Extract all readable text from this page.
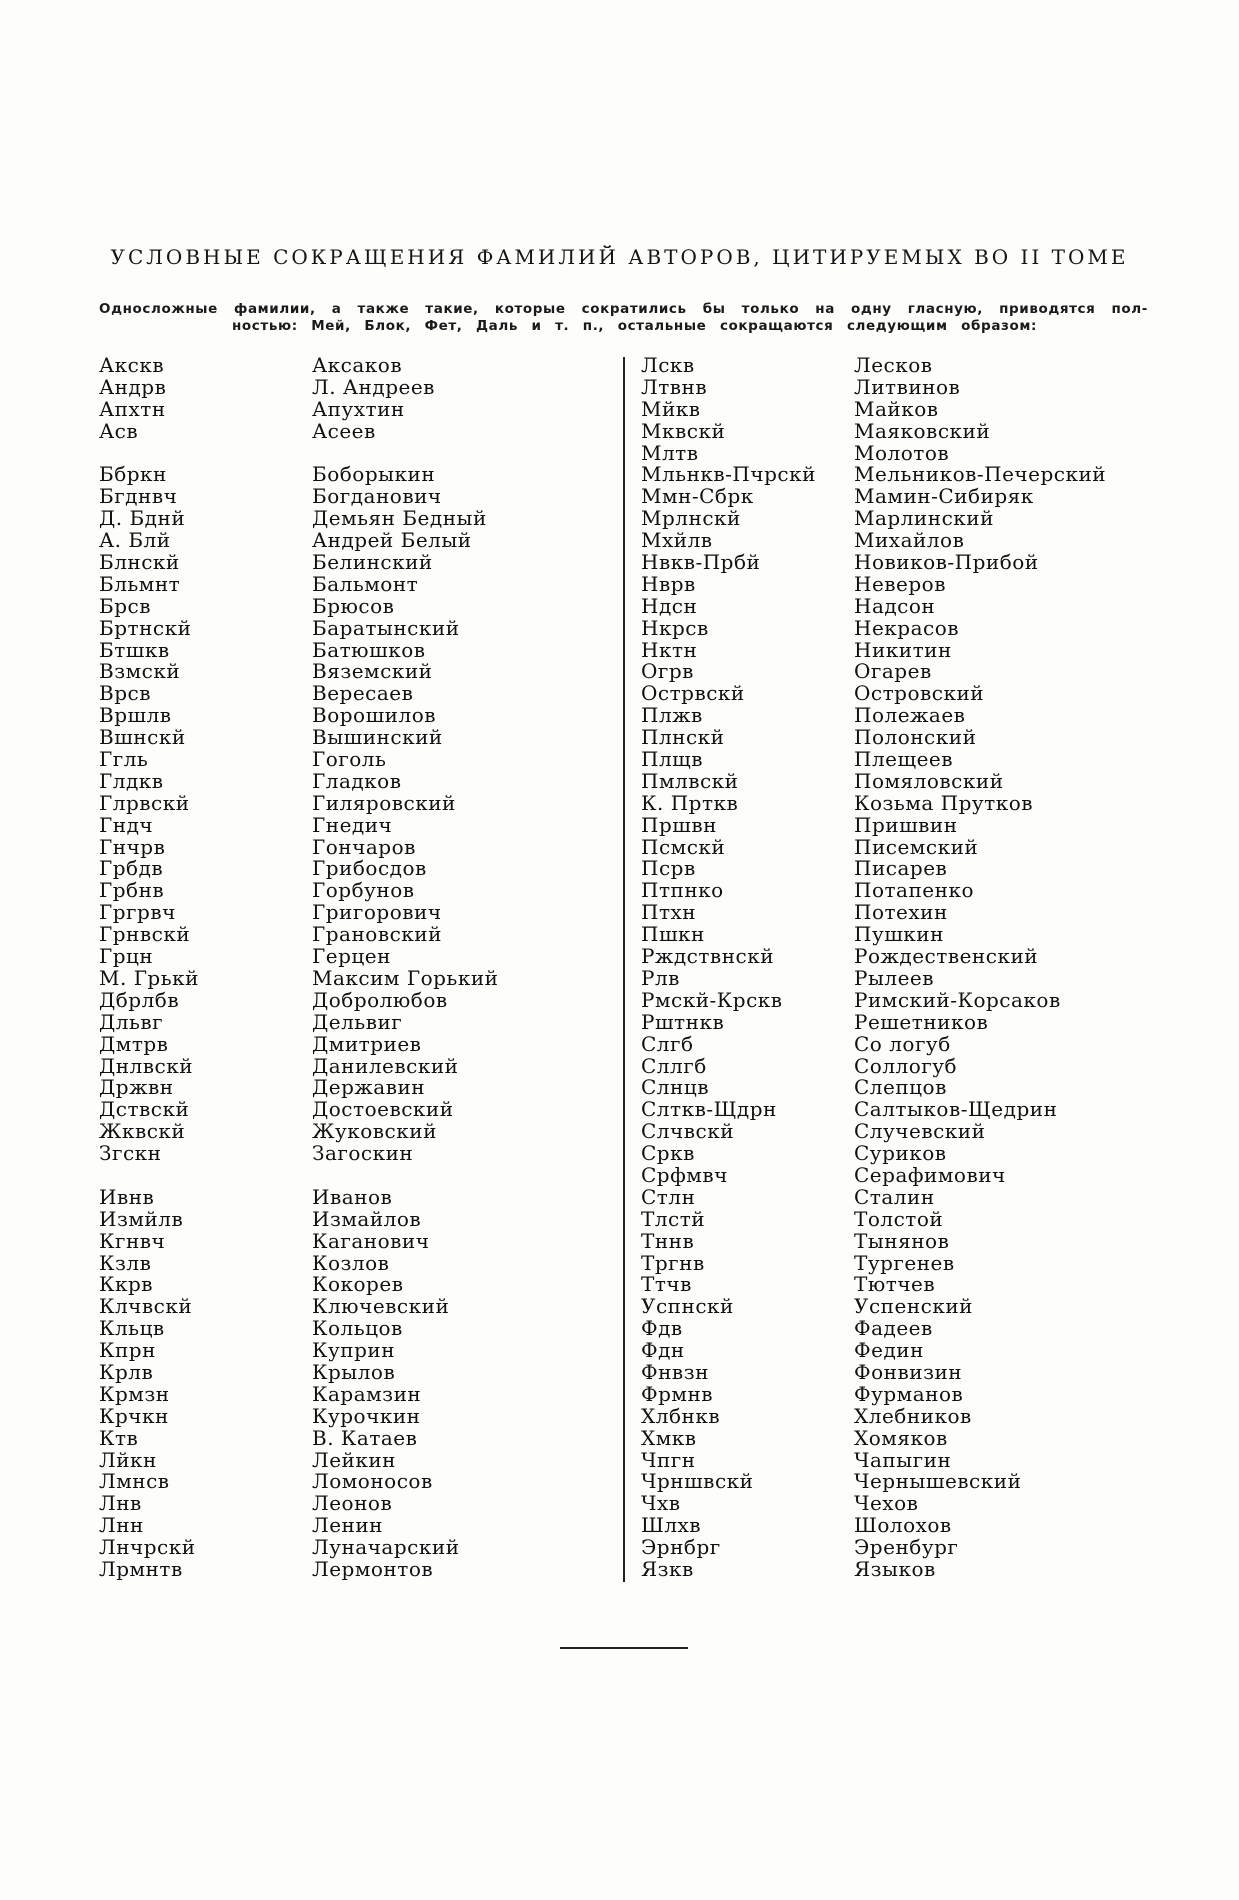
УСЛОВНЫЕ СОКРАЩЕНИЯ ФАМИЛИЙ АВТОРОВ, ЦИТИРУЕМЫХ ВО II ТОМЕ
Односложные фамилии, а также такие, которые сократились бы только на одну гласную, приводятся пол-
ностью: Мей, Блок, Фет, Даль и т. п., остальные сокращаются следующим образом:
Акскв	Аксаков
Андрв	Л. Андреев
Апхтн	Апухтин
Асв	Асеев
Ббркн	Боборыкин
Бгднвч	Богданович
Д. Бднй	Демьян Бедный
А. Блй	Андрей Белый
Блнскй	Белинский
Бльмнт	Бальмонт
Брсв	Брюсов
Бртнскй	Баратынский
Бтшкв	Батюшков
Взмскй	Вяземский
Врсв	Вересаев
Вршлв	Ворошилов
Вшнскй	Вышинский
Ггль	Гоголь
Глдкв	Гладков
Глрвскй	Гиляровский
Гндч	Гнедич
Гнчрв	Гончаров
Грбдв	Грибосдов
Грбнв	Горбунов
Гргрвч	Григорович
Грнвскй	Грановский
Грцн	Герцен
М. Грькй	Максим Горький
Дбрлбв	Добролюбов
Дльвг	Дельвиг
Дмтрв	Дмитриев
Днлвскй	Данилевский
Држвн	Державин
Дствскй	Достоевский
Жквскй	Жуковский
Згскн	Загоскин
Ивнв	Иванов
Измйлв	Измайлов
Кгнвч	Каганович
Кзлв	Козлов
Ккрв	Кокорев
Клчвскй	Ключевский
Кльцв	Кольцов
Кпрн	Куприн
Крлв	Крылов
Крмзн	Карамзин
Крчкн	Курочкин
Ктв	В. Катаев
Лйкн	Лейкин
Лмнсв	Ломоносов
Лнв	Леонов
Лнн	Ленин
Лнчрскй	Луначарский
Лрмнтв	Лермонтов
Лскв	Лесков
Лтвнв	Литвинов
Мйкв	Майков
Мквскй	Маяковский
Млтв	Молотов
Мльнкв-Пчрскй Мельников-Печерский
Ммн-Сбрк	Мамин-Сибиряк
Мрлнскй	Марлинский
Мхйлв	Михайлов
Нвкв-Прбй	Новиков-Прибой
Нврв	Неверов
Ндсн	Надсон
Нкрсв	Некрасов
Нктн	Никитин
Огрв	Огарев
Острвскй	Островский
Плжв	Полежаев
Плнскй	Полонский
Плщв	Плещеев
Пмлвскй	Помяловский
К. Прткв	Козьма Прутков
Пршвн	Пришвин
Псмскй	Писемский
Псрв	Писарев
Птпнко	Потапенко
Птхн	Потехин
Пшкн	Пушкин
Рждствнскй	Рождественский
Рлв	Рылеев
Рмскй-Крскв	Римский-Корсаков
Рштнкв	Решетников
Слгб	Со логуб
Сллгб	Соллогуб
Слнцв	Слепцов
Слткв-Щдрн	Салтыков-Щедрин
Слчвскй	Случевский
Сркв	Суриков
Срфмвч	Серафимович
Стлн	Сталин
Тлстй	Толстой
Тннв	Тынянов
Тргнв	Тургенев
Ттчв	Тютчев
Успнскй	Успенский
Фдв	Фадеев
Фдн	Федин
Фнвзн	Фонвизин
Фрмнв	Фурманов
Хлбнкв	Хлебников
Хмкв	Хомяков
Чпгн	Чапыгин
Чрншвскй	Чернышевский
Чхв	Чехов
Шлхв	Шолохов
Эрнбрг	Эренбург
Язкв	Языков
